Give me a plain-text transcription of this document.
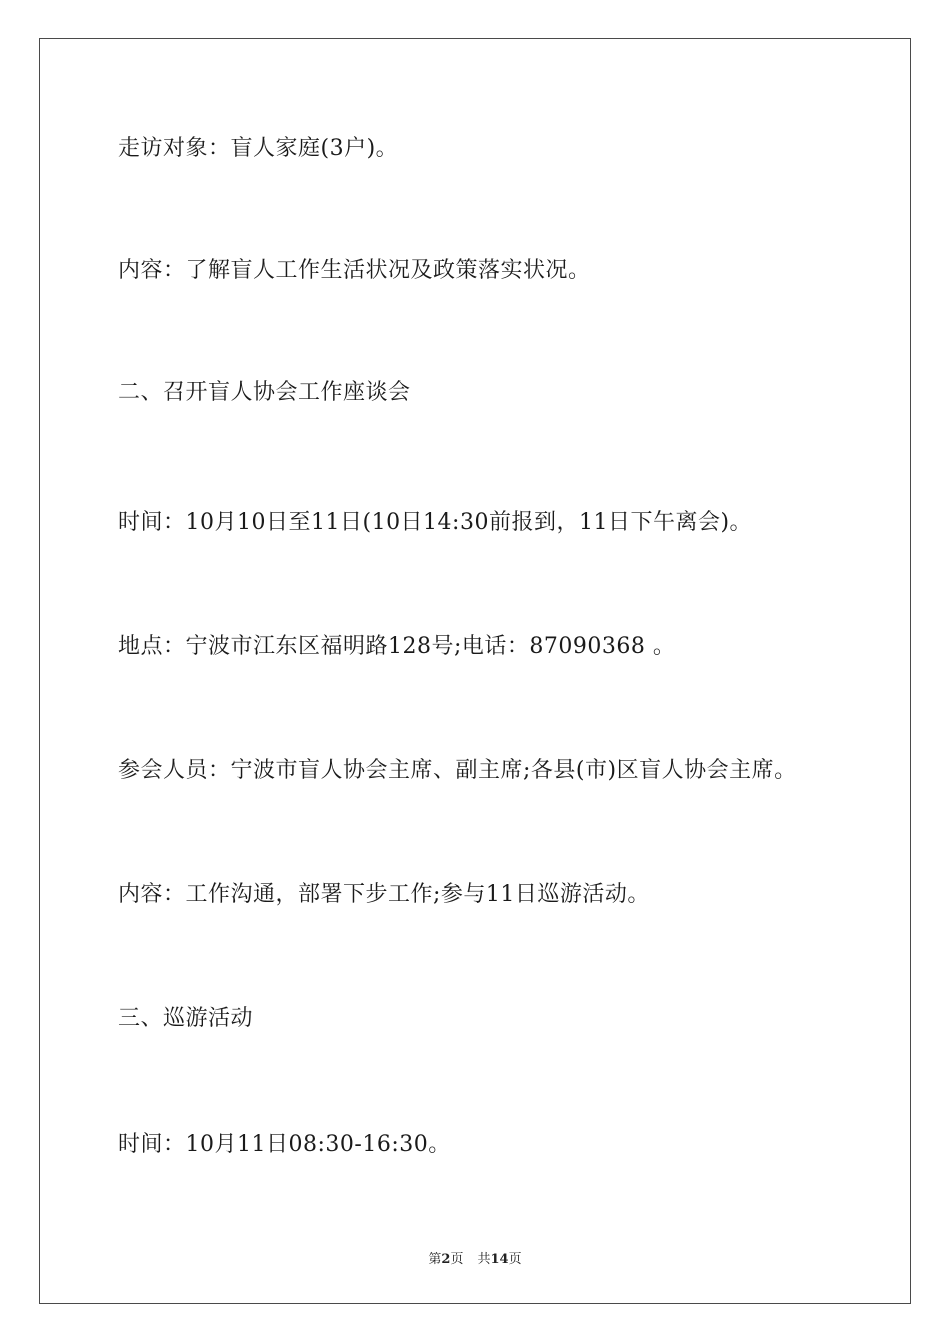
走访对象：盲人家庭(3户)。
内容：了解盲人工作生活状况及政策落实状况。
二、召开盲人协会工作座谈会
时间：10月10日至11日(10日14:30前报到，11日下午离会)。
地点：宁波市江东区福明路128号;电话：87090368 。
参会人员：宁波市盲人协会主席、副主席;各县(市)区盲人协会主席。
内容：工作沟通，部署下步工作;参与11日巡游活动。
三、巡游活动
时间：10月11日08:30-16:30。
第2页 共14页
